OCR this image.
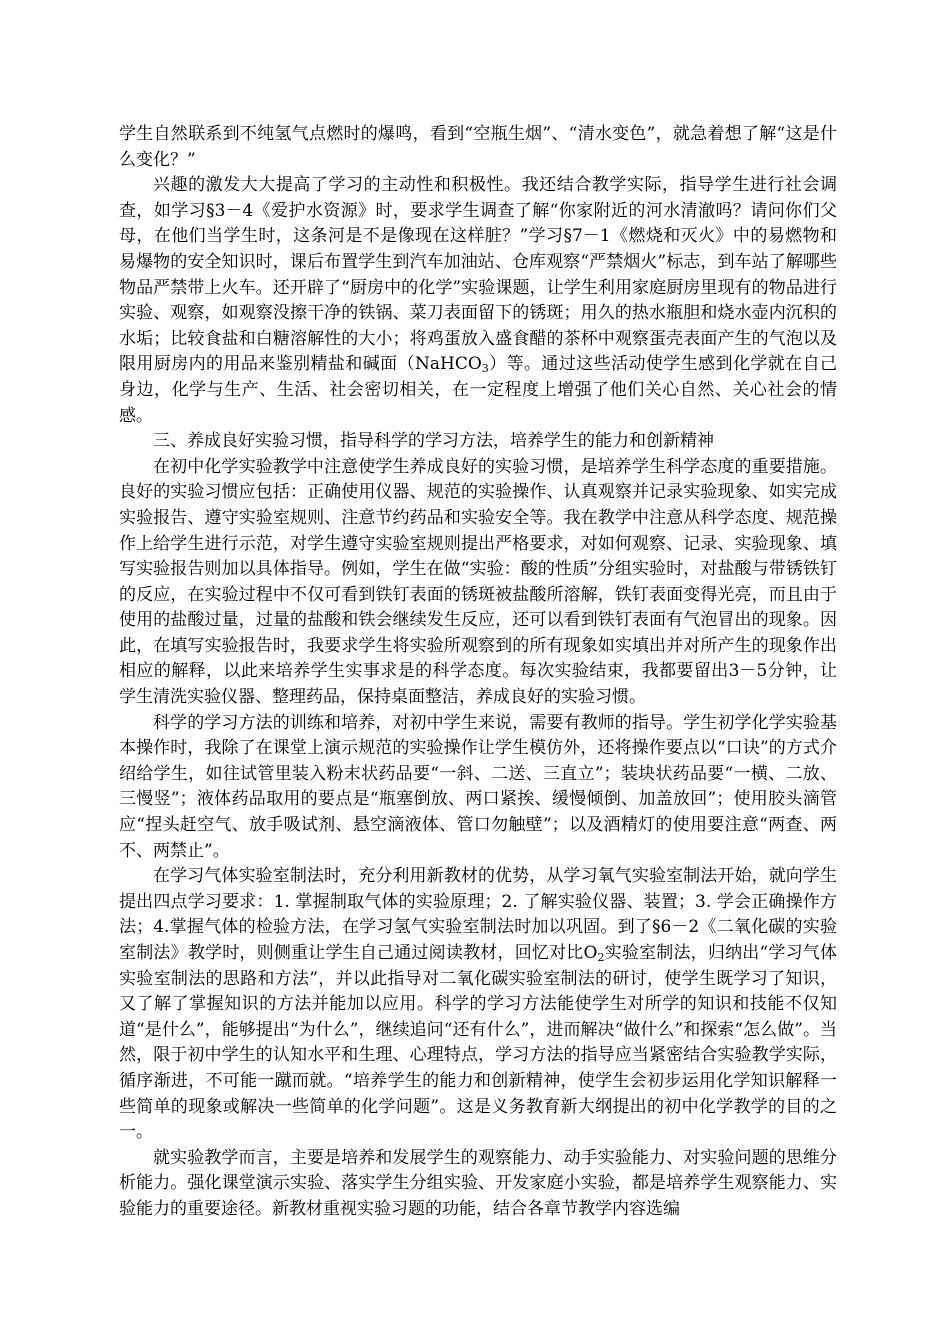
学生自然联系到不纯氢气点燃时的爆鸣，看到“空瓶生烟”、“清水变色”，就急着想了解“这是什么变化？”

兴趣的激发大大提高了学习的主动性和积极性。我还结合教学实际，指导学生进行社会调查，如学习§3－4《爱护水资源》时，要求学生调查了解“你家附近的河水清澈吗？请问你们父母，在他们当学生时，这条河是不是像现在这样脏？”学习§7－1《燃烧和灭火》中的易燃物和易爆物的安全知识时，课后布置学生到汽车加油站、仓库观察“严禁烟火”标志，到车站了解哪些物品严禁带上火车。还开辟了“厨房中的化学”实验课题，让学生利用家庭厨房里现有的物品进行实验、观察，如观察没擦干净的铁锅、菜刀表面留下的锈斑；用久的热水瓶胆和烧水壶内沉积的水垢；比较食盐和白糖溶解性的大小；将鸡蛋放入盛食醋的茶杯中观察蛋壳表面产生的气泡以及限用厨房内的用品来鉴别精盐和碱面（NaHCO$_3$）等。通过这些活动使学生感到化学就在自己身边，化学与生产、生活、社会密切相关，在一定程度上增强了他们关心自然、关心社会的情感。

三、养成良好实验习惯，指导科学的学习方法，培养学生的能力和创新精神

在初中化学实验教学中注意使学生养成良好的实验习惯，是培养学生科学态度的重要措施。良好的实验习惯应包括：正确使用仪器、规范的实验操作、认真观察并记录实验现象、如实完成实验报告、遵守实验室规则、注意节约药品和实验安全等。我在教学中注意从科学态度、规范操作上给学生进行示范，对学生遵守实验室规则提出严格要求，对如何观察、记录、实验现象、填写实验报告则加以具体指导。例如，学生在做“实验：酸的性质”分组实验时，对盐酸与带锈铁钉的反应，在实验过程中不仅可看到铁钉表面的锈斑被盐酸所溶解，铁钉表面变得光亮，而且由于使用的盐酸过量，过量的盐酸和铁会继续发生反应，还可以看到铁钉表面有气泡冒出的现象。因此，在填写实验报告时，我要求学生将实验所观察到的所有现象如实填出并对所产生的现象作出相应的解释，以此来培养学生实事求是的科学态度。每次实验结束，我都要留出3－5分钟，让学生清洗实验仪器、整理药品，保持桌面整洁，养成良好的实验习惯。

科学的学习方法的训练和培养，对初中学生来说，需要有教师的指导。学生初学化学实验基本操作时，我除了在课堂上演示规范的实验操作让学生模仿外，还将操作要点以“口诀”的方式介绍给学生，如往试管里装入粉末状药品要“一斜、二送、三直立”；装块状药品要“一横、二放、三慢竖”；液体药品取用的要点是“瓶塞倒放、两口紧挨、缓慢倾倒、加盖放回”；使用胶头滴管应“捏头赶空气、放手吸试剂、悬空滴液体、管口勿触壁”；以及酒精灯的使用要注意“两查、两不、两禁止”。

在学习气体实验室制法时，充分利用新教材的优势，从学习氧气实验室制法开始，就向学生提出四点学习要求：1. 掌握制取气体的实验原理；2. 了解实验仪器、装置；3. 学会正确操作方法；4.掌握气体的检验方法，在学习氢气实验室制法时加以巩固。到了§6－2《二氧化碳的实验室制法》教学时，则侧重让学生自己通过阅读教材，回忆对比$O_2$实验室制法，归纳出“学习气体实验室制法的思路和方法”，并以此指导对二氧化碳实验室制法的研讨，使学生既学习了知识，又了解了掌握知识的方法并能加以应用。科学的学习方法能使学生对所学的知识和技能不仅知道“是什么”，能够提出“为什么”，继续追问“还有什么”，进而解决“做什么”和探索“怎么做”。当然，限于初中学生的认知水平和生理、心理特点，学习方法的指导应当紧密结合实验教学实际，循序渐进，不可能一蹴而就。“培养学生的能力和创新精神，使学生会初步运用化学知识解释一些简单的现象或解决一些简单的化学问题”。这是义务教育新大纲提出的初中化学教学的目的之一。

就实验教学而言，主要是培养和发展学生的观察能力、动手实验能力、对实验问题的思维分析能力。强化课堂演示实验、落实学生分组实验、开发家庭小实验，都是培养学生观察能力、实验能力的重要途径。新教材重视实验习题的功能，结合各章节教学内容选编
